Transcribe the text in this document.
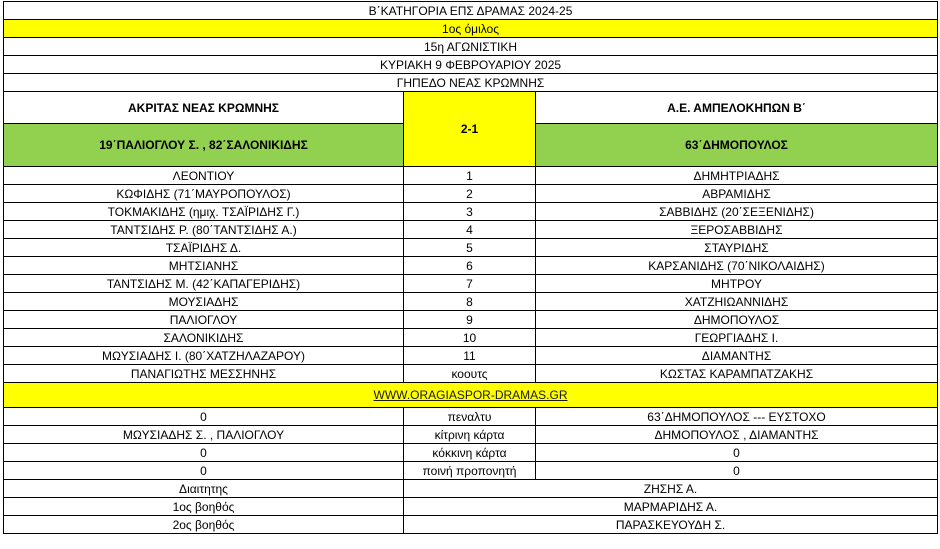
Β΄ΚΑΤΗΓΟΡΙΑ ΕΠΣ ΔΡΑΜΑΣ 2024-25		
1ος όμιλος		
15η ΑΓΩΝΙΣΤΙΚΗ		
ΚΥΡΙΑΚΗ 9 ΦΕΒΡΟΥΑΡΙΟΥ 2025		
ΓΗΠΕΔΟ ΝΕΑΣ ΚΡΩΜΝΗΣ		
ΑΚΡΙΤΑΣ ΝΕΑΣ ΚΡΩΜΝΗΣ	2-1	Α.Ε. ΑΜΠΕΛΟΚΗΠΩΝ Β΄
19΄ΠΑΛΙΟΓΛΟΥ Σ. , 82΄ΣΑΛΟΝΙΚΙΔΗΣ		63΄ΔΗΜΟΠΟΥΛΟΣ
ΛΕΟΝΤΙΟΥ	1	ΔΗΜΗΤΡΙΑΔΗΣ
ΚΩΦΙΔΗΣ (71΄ΜΑΥΡΟΠΟΥΛΟΣ)	2	ΑΒΡΑΜΙΔΗΣ
ΤΟΚΜΑΚΙΔΗΣ (ημιχ. ΤΣΑΪΡΙΔΗΣ Γ.)	3	ΣΑΒΒΙΔΗΣ (20΄ΣΕΞΕΝΙΔΗΣ)
ΤΑΝΤΣΙΔΗΣ Ρ. (80΄ΤΑΝΤΣΙΔΗΣ Α.)	4	ΞΕΡΟΣΑΒΒΙΔΗΣ
ΤΣΑΪΡΙΔΗΣ Δ.	5	ΣΤΑΥΡΙΔΗΣ
ΜΗΤΣΙΑΝΗΣ	6	ΚΑΡΣΑΝΙΔΗΣ (70΄ΝΙΚΟΛΑΙΔΗΣ)
ΤΑΝΤΣΙΔΗΣ Μ. (42΄ΚΑΠΑΓΕΡΙΔΗΣ)	7	ΜΗΤΡΟΥ
ΜΟΥΣΙΑΔΗΣ	8	ΧΑΤΖΗΙΩΑΝΝΙΔΗΣ
ΠΑΛΙΟΓΛΟΥ	9	ΔΗΜΟΠΟΥΛΟΣ
ΣΑΛΟΝΙΚΙΔΗΣ	10	ΓΕΩΡΓΙΑΔΗΣ Ι.
ΜΩΥΣΙΑΔΗΣ Ι. (80΄ΧΑΤΖΗΛΑΖΑΡΟΥ)	11	ΔΙΑΜΑΝΤΗΣ
ΠΑΝΑΓΙΩΤΗΣ ΜΕΣΣΗΝΗΣ	κοουτς	ΚΩΣΤΑΣ ΚΑΡΑΜΠΑΤΖΑΚΗΣ
WWW.ORAGIASPOR-DRAMAS.GR		
0	πεναλτυ	63΄ΔΗΜΟΠΟΥΛΟΣ --- ΕΥΣΤΟΧΟ
ΜΩΥΣΙΑΔΗΣ Σ. , ΠΑΛΙΟΓΛΟΥ	κίτρινη κάρτα	ΔΗΜΟΠΟΥΛΟΣ , ΔΙΑΜΑΝΤΗΣ
0	κόκκινη κάρτα	0
0	ποινή προπονητή	0
Διαιτητης	ΖΗΣΗΣ Α.	
1ος βοηθός	ΜΑΡΜΑΡΙΔΗΣ Α.	
2ος βοηθός	ΠΑΡΑΣΚΕΥΟΥΔΗ Σ.	
